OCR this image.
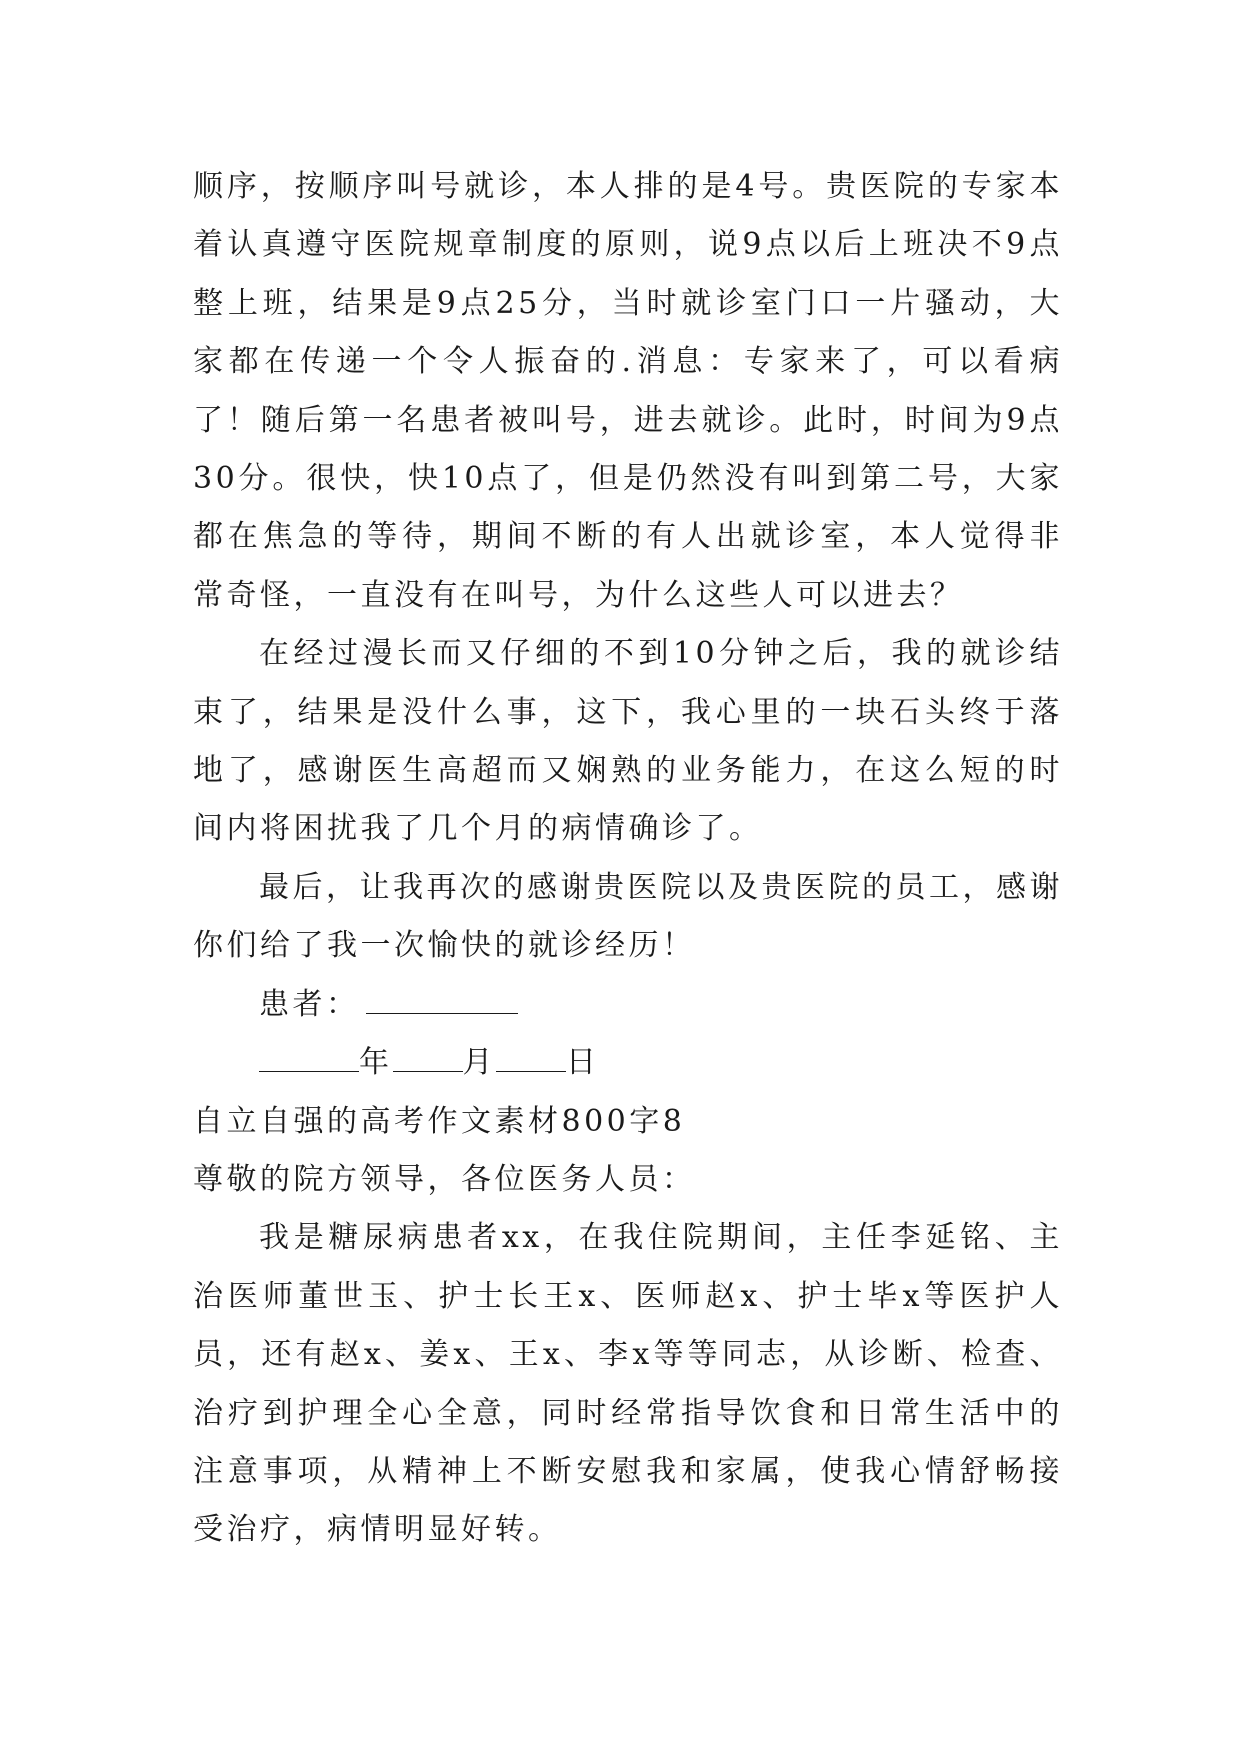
顺序，按顺序叫号就诊，本人排的是4号。贵医院的专家本着认真遵守医院规章制度的原则，说9点以后上班决不9点整上班，结果是9点25分，当时就诊室门口一片骚动，大家都在传递一个令人振奋的.消息：专家来了，可以看病了！随后第一名患者被叫号，进去就诊。此时，时间为9点30分。很快，快10点了，但是仍然没有叫到第二号，大家都在焦急的等待，期间不断的有人出就诊室，本人觉得非常奇怪，一直没有在叫号，为什么这些人可以进去？

在经过漫长而又仔细的不到10分钟之后，我的就诊结束了，结果是没什么事，这下，我心里的一块石头终于落地了，感谢医生高超而又娴熟的业务能力，在这么短的时间内将困扰我了几个月的病情确诊了。

最后，让我再次的感谢贵医院以及贵医院的员工，感谢你们给了我一次愉快的就诊经历！

患者：
年 月 日
自立自强的高考作文素材800字8
尊敬的院方领导，各位医务人员：

我是糖尿病患者xx，在我住院期间，主任李延铭、主治医师董世玉、护士长王x、医师赵x、护士毕x等医护人员，还有赵x、姜x、王x、李x等等同志，从诊断、检查、治疗到护理全心全意，同时经常指导饮食和日常生活中的注意事项，从精神上不断安慰我和家属，使我心情舒畅接受治疗，病情明显好转。
